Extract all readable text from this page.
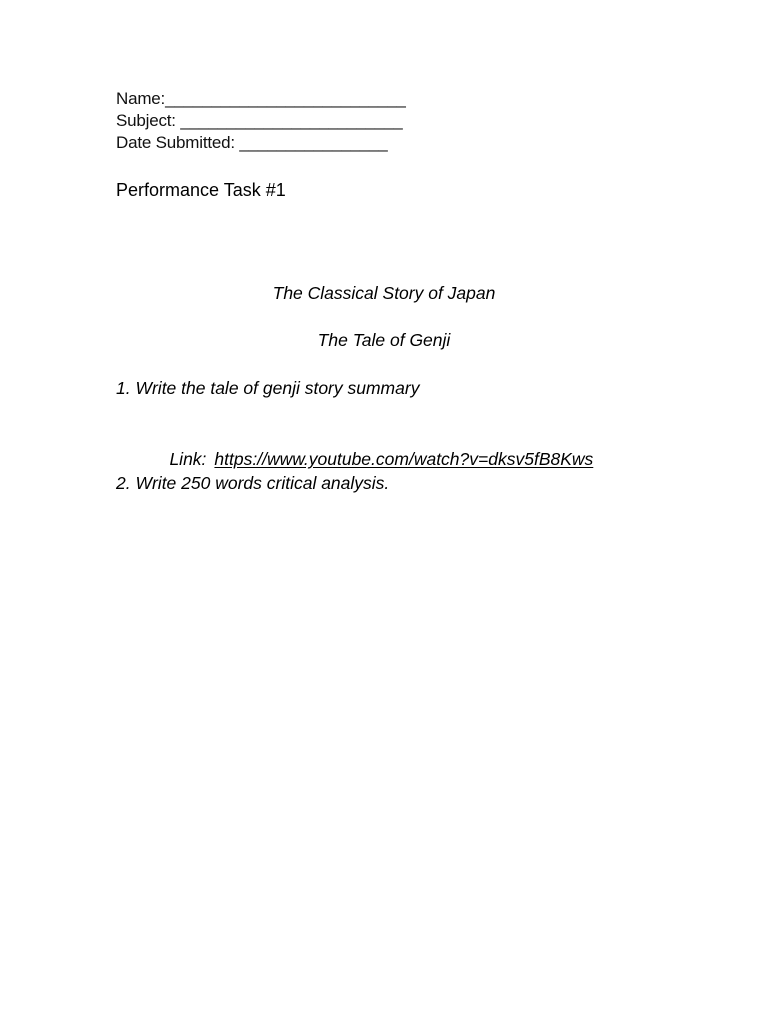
Name:__________________________
Subject: ________________________
Date Submitted: ________________
Performance Task #1
The Classical Story of Japan
The Tale of Genji
1. Write the tale of genji story summary

Link: https://www.youtube.com/watch?v=dksv5fB8Kws

2. Write 250 words critical analysis.
